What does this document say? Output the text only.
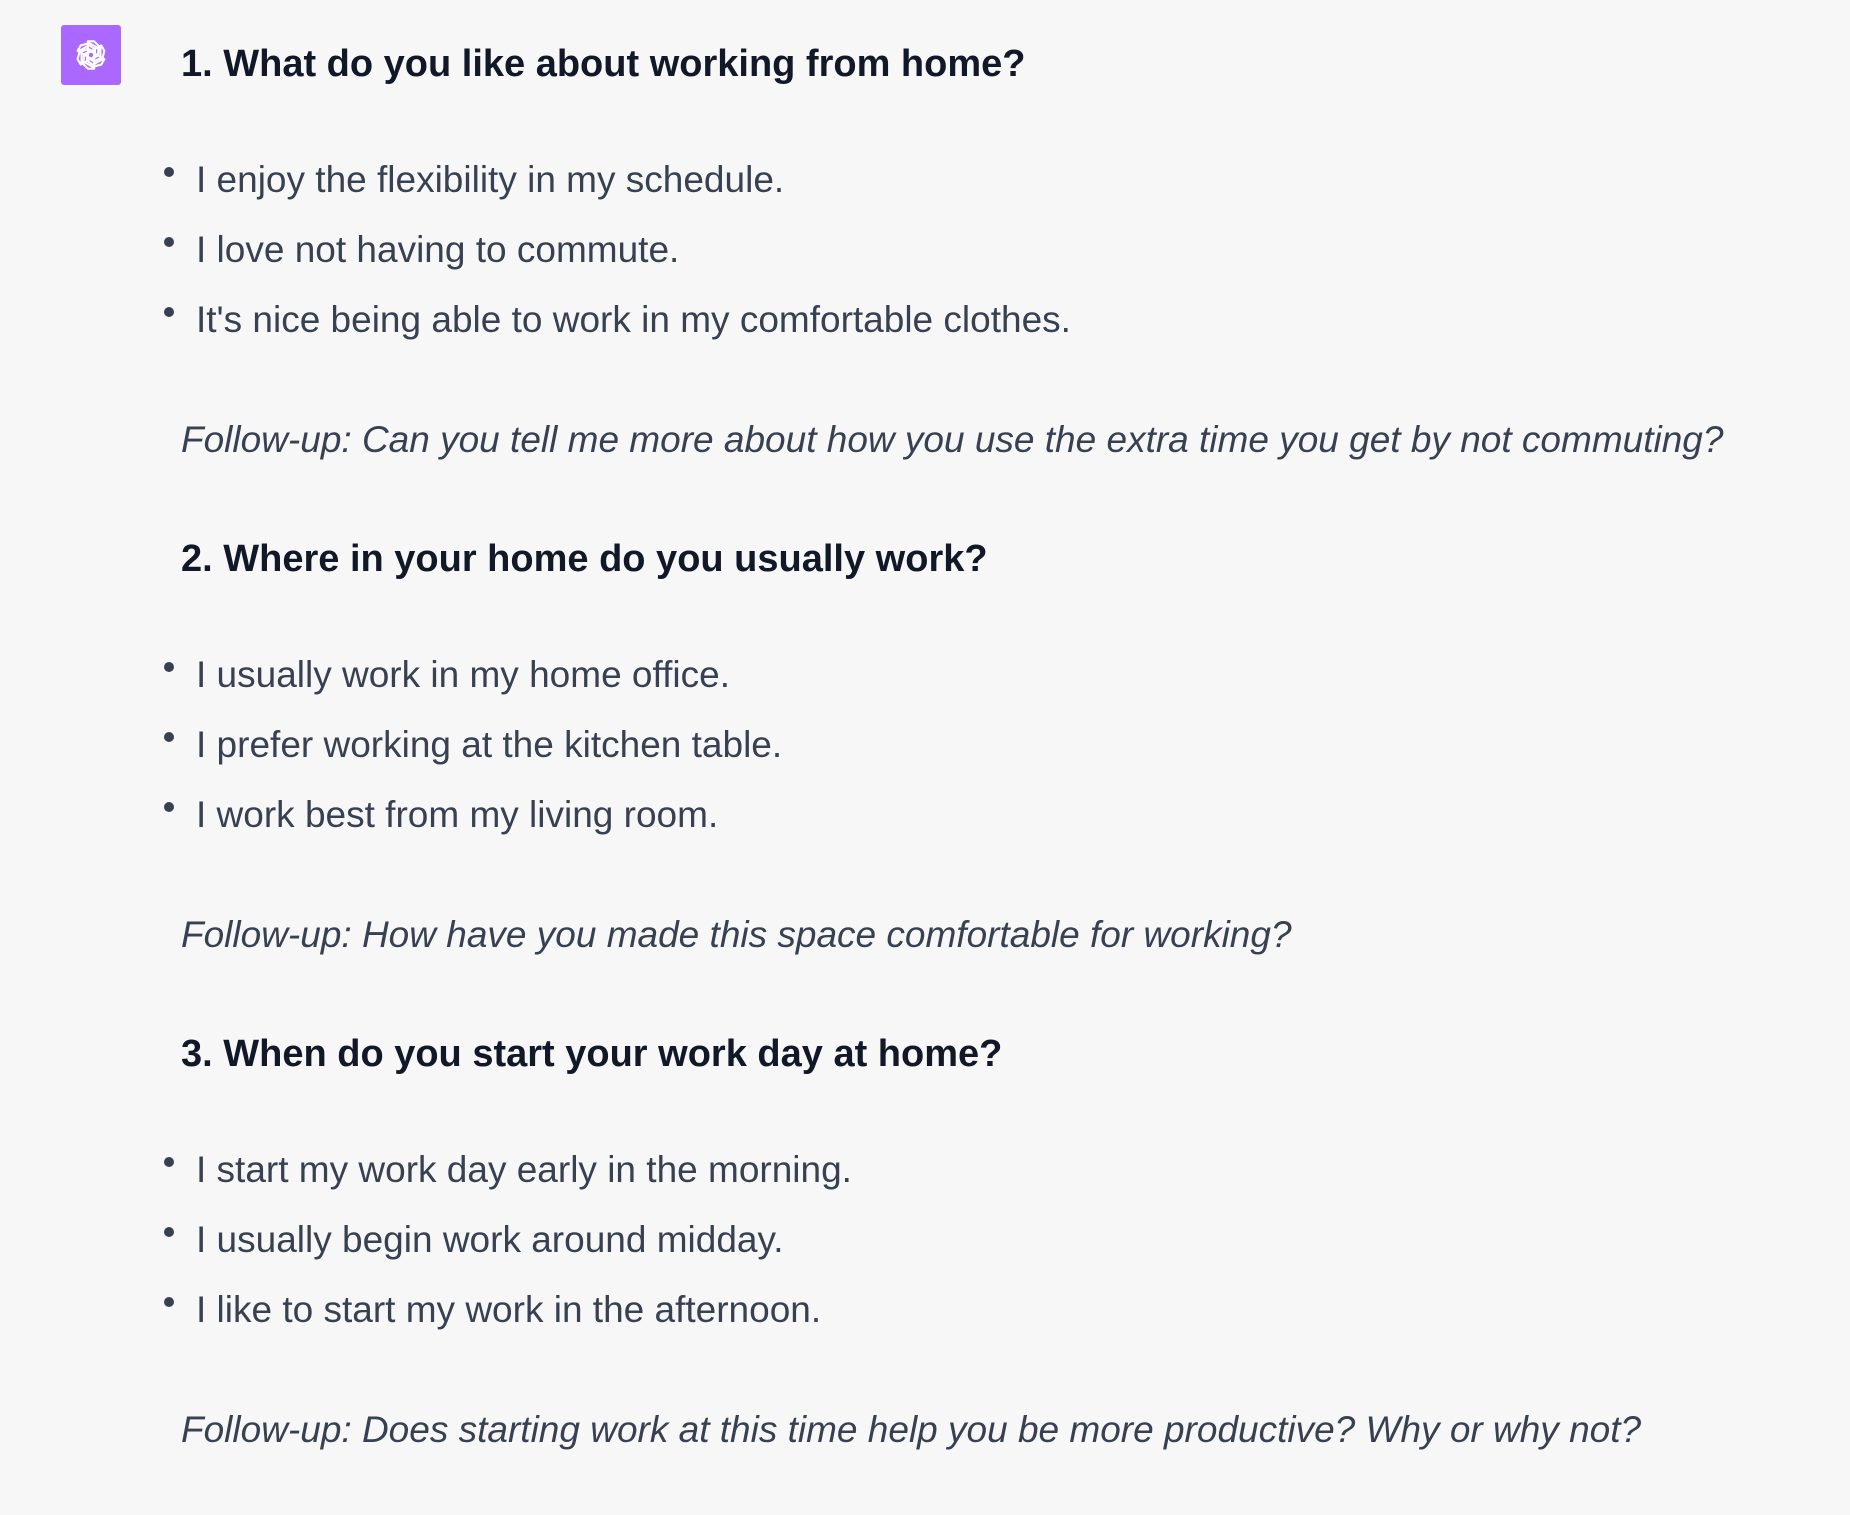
1. What do you like about working from home?
I enjoy the flexibility in my schedule.
I love not having to commute.
It's nice being able to work in my comfortable clothes.
Follow-up: Can you tell me more about how you use the extra time you get by not commuting?
2. Where in your home do you usually work?
I usually work in my home office.
I prefer working at the kitchen table.
I work best from my living room.
Follow-up: How have you made this space comfortable for working?
3. When do you start your work day at home?
I start my work day early in the morning.
I usually begin work around midday.
I like to start my work in the afternoon.
Follow-up: Does starting work at this time help you be more productive? Why or why not?
